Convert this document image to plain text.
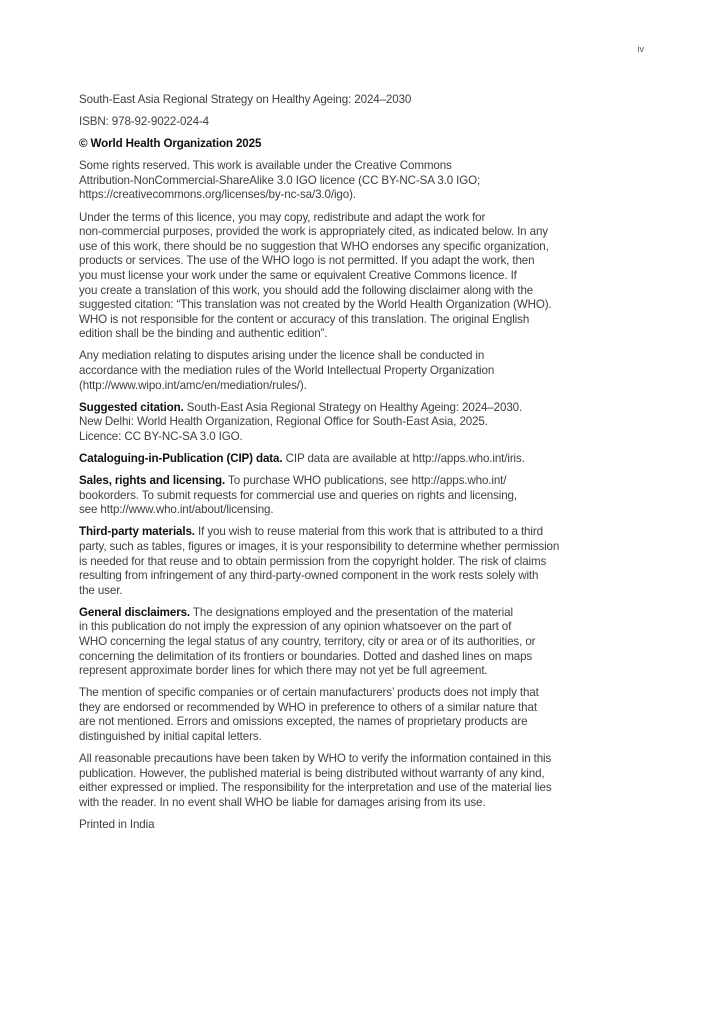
iv

South-East Asia Regional Strategy on Healthy Ageing: 2024–2030

ISBN: 978-92-9022-024-4

© World Health Organization 2025

Some rights reserved. This work is available under the Creative Commons
Attribution-NonCommercial-ShareAlike 3.0 IGO licence (CC BY-NC-SA 3.0 IGO;
https://creativecommons.org/licenses/by-nc-sa/3.0/igo).

Under the terms of this licence, you may copy, redistribute and adapt the work for
non-commercial purposes, provided the work is appropriately cited, as indicated below. In any
use of this work, there should be no suggestion that WHO endorses any specific organization,
products or services. The use of the WHO logo is not permitted. If you adapt the work, then
you must license your work under the same or equivalent Creative Commons licence. If
you create a translation of this work, you should add the following disclaimer along with the
suggested citation: “This translation was not created by the World Health Organization (WHO).
WHO is not responsible for the content or accuracy of this translation. The original English
edition shall be the binding and authentic edition”.

Any mediation relating to disputes arising under the licence shall be conducted in
accordance with the mediation rules of the World Intellectual Property Organization
(http://www.wipo.int/amc/en/mediation/rules/).

Suggested citation. South-East Asia Regional Strategy on Healthy Ageing: 2024–2030.
New Delhi: World Health Organization, Regional Office for South-East Asia, 2025.
Licence: CC BY-NC-SA 3.0 IGO.

Cataloguing-in-Publication (CIP) data. CIP data are available at http://apps.who.int/iris.

Sales, rights and licensing. To purchase WHO publications, see http://apps.who.int/
bookorders. To submit requests for commercial use and queries on rights and licensing,
see http://www.who.int/about/licensing.

Third-party materials. If you wish to reuse material from this work that is attributed to a third
party, such as tables, figures or images, it is your responsibility to determine whether permission
is needed for that reuse and to obtain permission from the copyright holder. The risk of claims
resulting from infringement of any third-party-owned component in the work rests solely with
the user.

General disclaimers. The designations employed and the presentation of the material
in this publication do not imply the expression of any opinion whatsoever on the part of
WHO concerning the legal status of any country, territory, city or area or of its authorities, or
concerning the delimitation of its frontiers or boundaries. Dotted and dashed lines on maps
represent approximate border lines for which there may not yet be full agreement.

The mention of specific companies or of certain manufacturers’ products does not imply that
they are endorsed or recommended by WHO in preference to others of a similar nature that
are not mentioned. Errors and omissions excepted, the names of proprietary products are
distinguished by initial capital letters.

All reasonable precautions have been taken by WHO to verify the information contained in this
publication. However, the published material is being distributed without warranty of any kind,
either expressed or implied. The responsibility for the interpretation and use of the material lies
with the reader. In no event shall WHO be liable for damages arising from its use.

Printed in India
